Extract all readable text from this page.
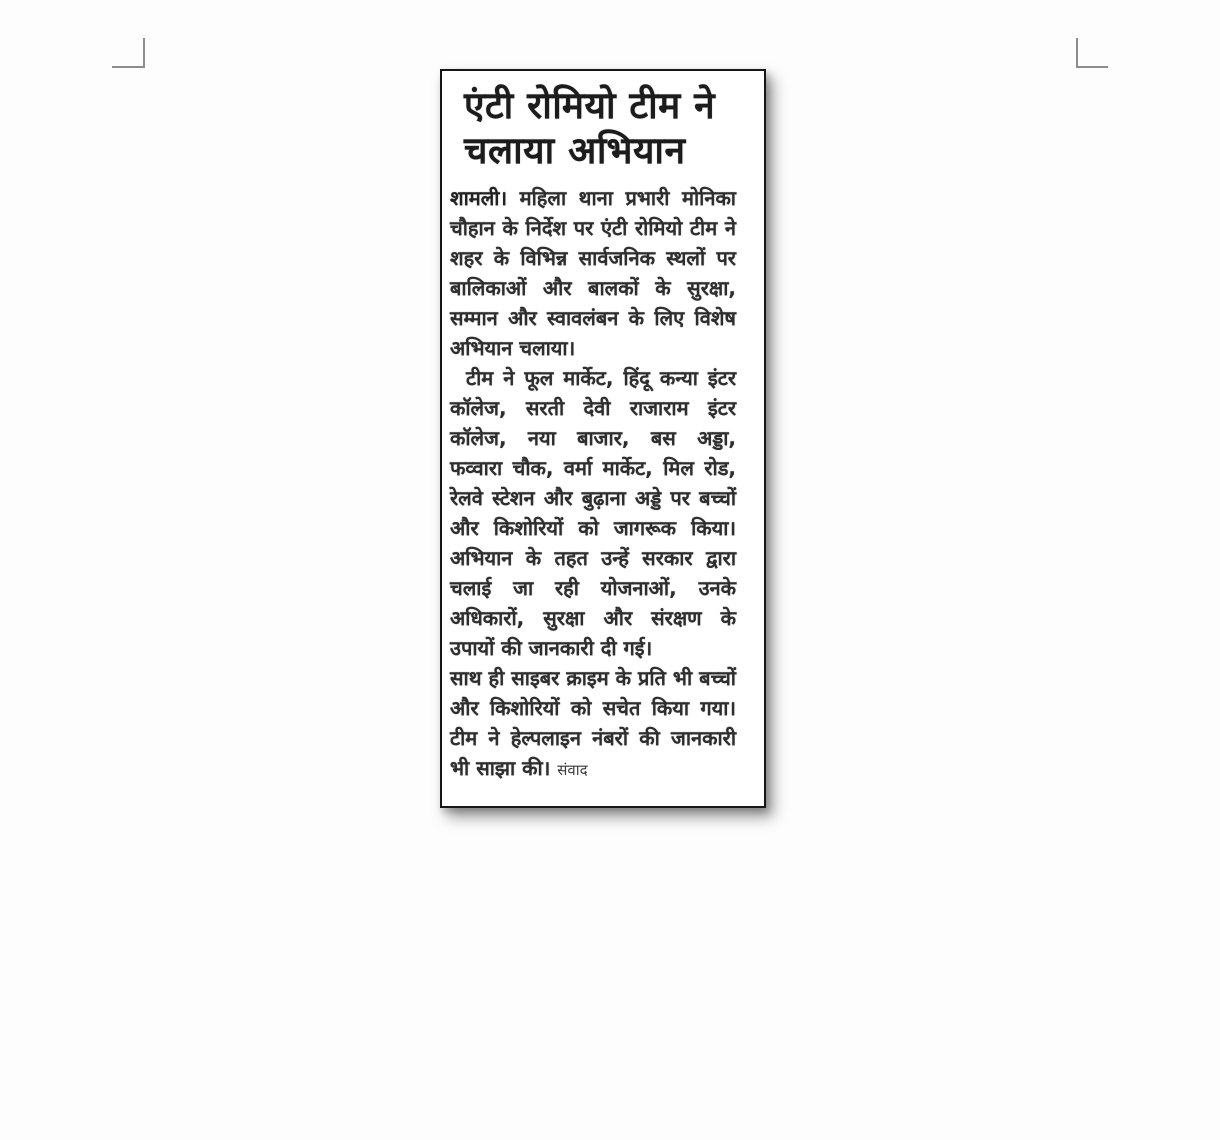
एंटी रोमियो टीम ने
चलाया अभियान

शामली। महिला थाना प्रभारी मोनिका चौहान के निर्देश पर एंटी रोमियो टीम ने शहर के विभिन्न सार्वजनिक स्थलों पर बालिकाओं और बालकों के सुरक्षा, सम्मान और स्वावलंबन के लिए विशेष अभियान चलाया।

टीम ने फूल मार्केट, हिंदू कन्या इंटर कॉलेज, सरती देवी राजाराम इंटर कॉलेज, नया बाजार, बस अड्डा, फव्वारा चौक, वर्मा मार्केट, मिल रोड, रेलवे स्टेशन और बुढ़ाना अड्डे पर बच्चों और किशोरियों को जागरूक किया। अभियान के तहत उन्हें सरकार द्वारा चलाई जा रही योजनाओं, उनके अधिकारों, सुरक्षा और संरक्षण के उपायों की जानकारी दी गई।

साथ ही साइबर क्राइम के प्रति भी बच्चों और किशोरियों को सचेत किया गया। टीम ने हेल्पलाइन नंबरों की जानकारी भी साझा की। संवाद
